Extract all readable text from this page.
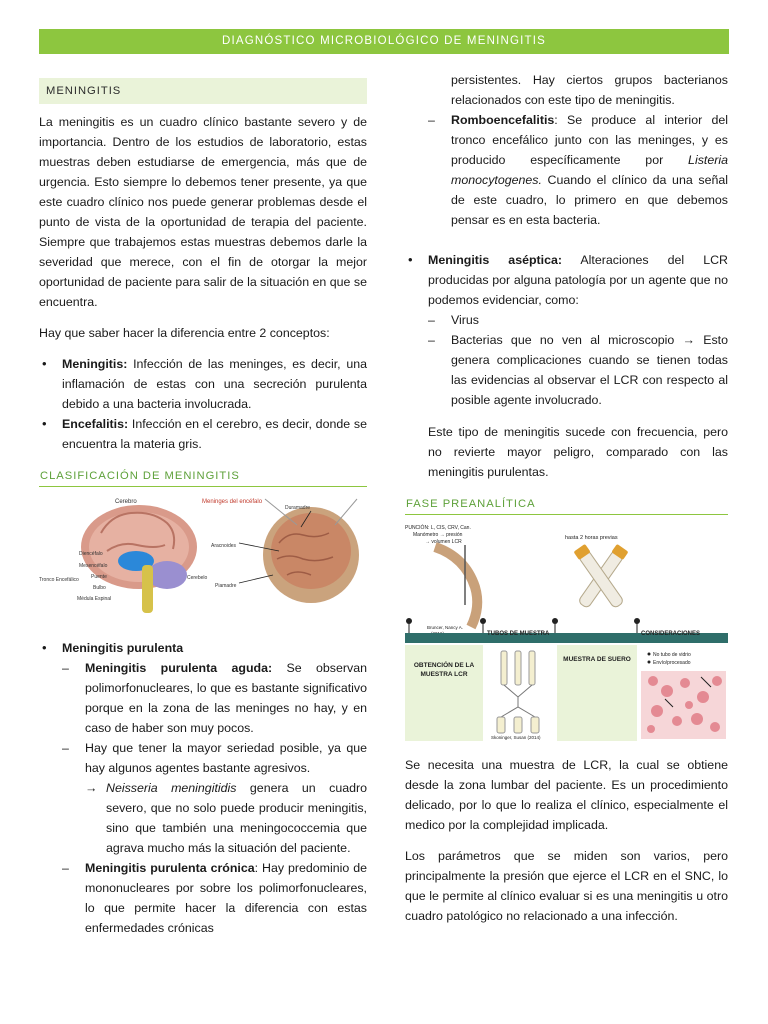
DIAGNÓSTICO MICROBIOLÓGICO DE MENINGITIS
MENINGITIS

La meningitis es un cuadro clínico bastante severo y de importancia. Dentro de los estudios de laboratorio, estas muestras deben estudiarse de emergencia, más que de urgencia. Esto siempre lo debemos tener presente, ya que este cuadro clínico nos puede generar problemas desde el punto de vista de la oportunidad de terapia del paciente. Siempre que trabajemos estas muestras debemos darle la severidad que merece, con el fin de otorgar la mejor oportunidad de paciente para salir de la situación en que se encuentra.

Hay que saber hacer la diferencia entre 2 conceptos:

• Meningitis: Infección de las meninges, es decir, una inflamación de estas con una secreción purulenta debido a una bacteria involucrada.
• Encefalitis: Infección en el cerebro, es decir, donde se encuentra la materia gris.
CLASIFICACIÓN DE MENINGITIS
Cerebro
Diencéfalo
Mesencéfalo
Puente
Bulbo
Médula Espinal
Tronco Encefálico	Cerebelo
Meninges del encéfalo
Duramadre
Aracnoides
Piamadre
• Meningitis purulenta
– Meningitis purulenta aguda: Se observan polimorfonucleares, lo que es bastante significativo porque en la zona de las meninges no hay, y en caso de haber son muy pocos.
– Hay que tener la mayor seriedad posible, ya que hay algunos agentes bastante agresivos.
→ Neisseria meningitidis genera un cuadro severo, que no solo puede producir meningitis, sino que también una meningococcemia que agrava mucho más la situación del paciente.
– Meningitis purulenta crónica: Hay predominio de mononucleares por sobre los polimorfonucleares, lo que permite hacer la diferencia con estas enfermedades crónicas

persistentes. Hay ciertos grupos bacterianos relacionados con este tipo de meningitis.

– Romboencefalitis: Se produce al interior del tronco encefálico junto con las meninges, y es producido específicamente por Listeria monocytogenes. Cuando el clínico da una señal de este cuadro, lo primero en que debemos pensar es en esta bacteria.
• Meningitis aséptica: Alteraciones del LCR producidas por alguna patología por un agente que no podemos evidenciar, como:
– Virus
– Bacterias que no ven al microscopio → Esto genera complicaciones cuando se tienen todas las evidencias al observar el LCR con respecto al posible agente involucrado.

Este tipo de meningitis sucede con frecuencia, pero no revierte mayor peligro, comparado con las meningitis purulentas.

FASE PREANALÍTICA
PUNCIÓN: L, CIS, CRV, Can.
Manómetro → presión
→ volumen LCR
Bruncer, Nancy A.
hasta 2 horas previas
TUBOS DE MUESTRA	CONSIDERACIONES
OBTENCIÓN DE LA MUESTRA LCR
Skoninger, Susan (2014)
MUESTRA DE SUERO
No tubo de vidrio
Envío/procesado

Se necesita una muestra de LCR, la cual se obtiene desde la zona lumbar del paciente. Es un procedimiento delicado, por lo que lo realiza el clínico, especialmente el medico por la complejidad implicada.

Los parámetros que se miden son varios, pero principalmente la presión que ejerce el LCR en el SNC, lo que le permite al clínico evaluar si es una meningitis u otro cuadro patológico no relacionado a una infección.
